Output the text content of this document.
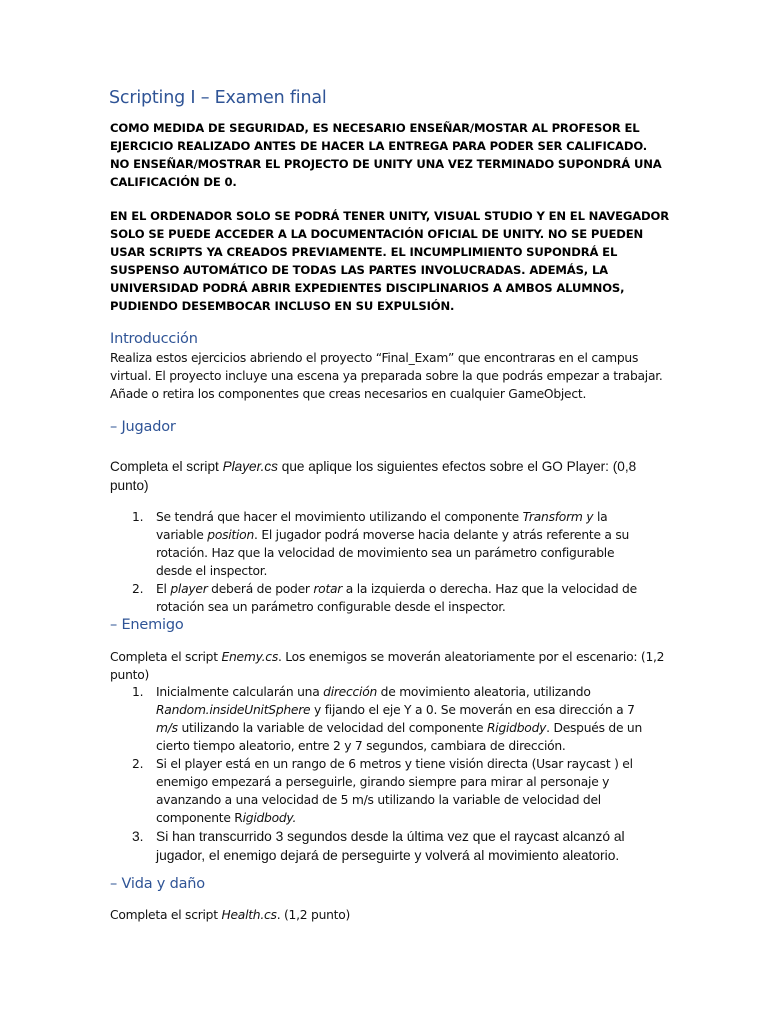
Scripting I – Examen final

COMO MEDIDA DE SEGURIDAD, ES NECESARIO ENSEÑAR/MOSTAR AL PROFESOR EL EJERCICIO REALIZADO ANTES DE HACER LA ENTREGA PARA PODER SER CALIFICADO. NO ENSEÑAR/MOSTRAR EL PROJECTO DE UNITY UNA VEZ TERMINADO SUPONDRÁ UNA CALIFICACIÓN DE 0.

EN EL ORDENADOR SOLO SE PODRÁ TENER UNITY, VISUAL STUDIO Y EN EL NAVEGADOR SOLO SE PUEDE ACCEDER A LA DOCUMENTACIÓN OFICIAL DE UNITY. NO SE PUEDEN USAR SCRIPTS YA CREADOS PREVIAMENTE. EL INCUMPLIMIENTO SUPONDRÁ EL SUSPENSO AUTOMÁTICO DE TODAS LAS PARTES INVOLUCRADAS. ADEMÁS, LA UNIVERSIDAD PODRÁ ABRIR EXPEDIENTES DISCIPLINARIOS A AMBOS ALUMNOS, PUDIENDO DESEMBOCAR INCLUSO EN SU EXPULSIÓN.

Introducción

Realiza estos ejercicios abriendo el proyecto “Final_Exam” que encontraras en el campus virtual. El proyecto incluye una escena ya preparada sobre la que podrás empezar a trabajar. Añade o retira los componentes que creas necesarios en cualquier GameObject.

– Jugador

Completa el script Player.cs que aplique los siguientes efectos sobre el GO Player: (0,8 punto)

1. Se tendrá que hacer el movimiento utilizando el componente Transform y la variable position. El jugador podrá moverse hacia delante y atrás referente a su rotación. Haz que la velocidad de movimiento sea un parámetro configurable desde el inspector.
2. El player deberá de poder rotar a la izquierda o derecha. Haz que la velocidad de rotación sea un parámetro configurable desde el inspector.
– Enemigo

Completa el script Enemy.cs. Los enemigos se moverán aleatoriamente por el escenario: (1,2 punto)

1. Inicialmente calcularán una dirección de movimiento aleatoria, utilizando Random.insideUnitSphere y fijando el eje Y a 0. Se moverán en esa dirección a 7 m/s utilizando la variable de velocidad del componente Rigidbody. Después de un cierto tiempo aleatorio, entre 2 y 7 segundos, cambiara de dirección.
2. Si el player está en un rango de 6 metros y tiene visión directa (Usar raycast ) el enemigo empezará a perseguirle, girando siempre para mirar al personaje y avanzando a una velocidad de 5 m/s utilizando la variable de velocidad del componente Rigidbody.
3. Si han transcurrido 3 segundos desde la última vez que el raycast alcanzó al jugador, el enemigo dejará de perseguirte y volverá al movimiento aleatorio.
– Vida y daño

Completa el script Health.cs. (1,2 punto)
